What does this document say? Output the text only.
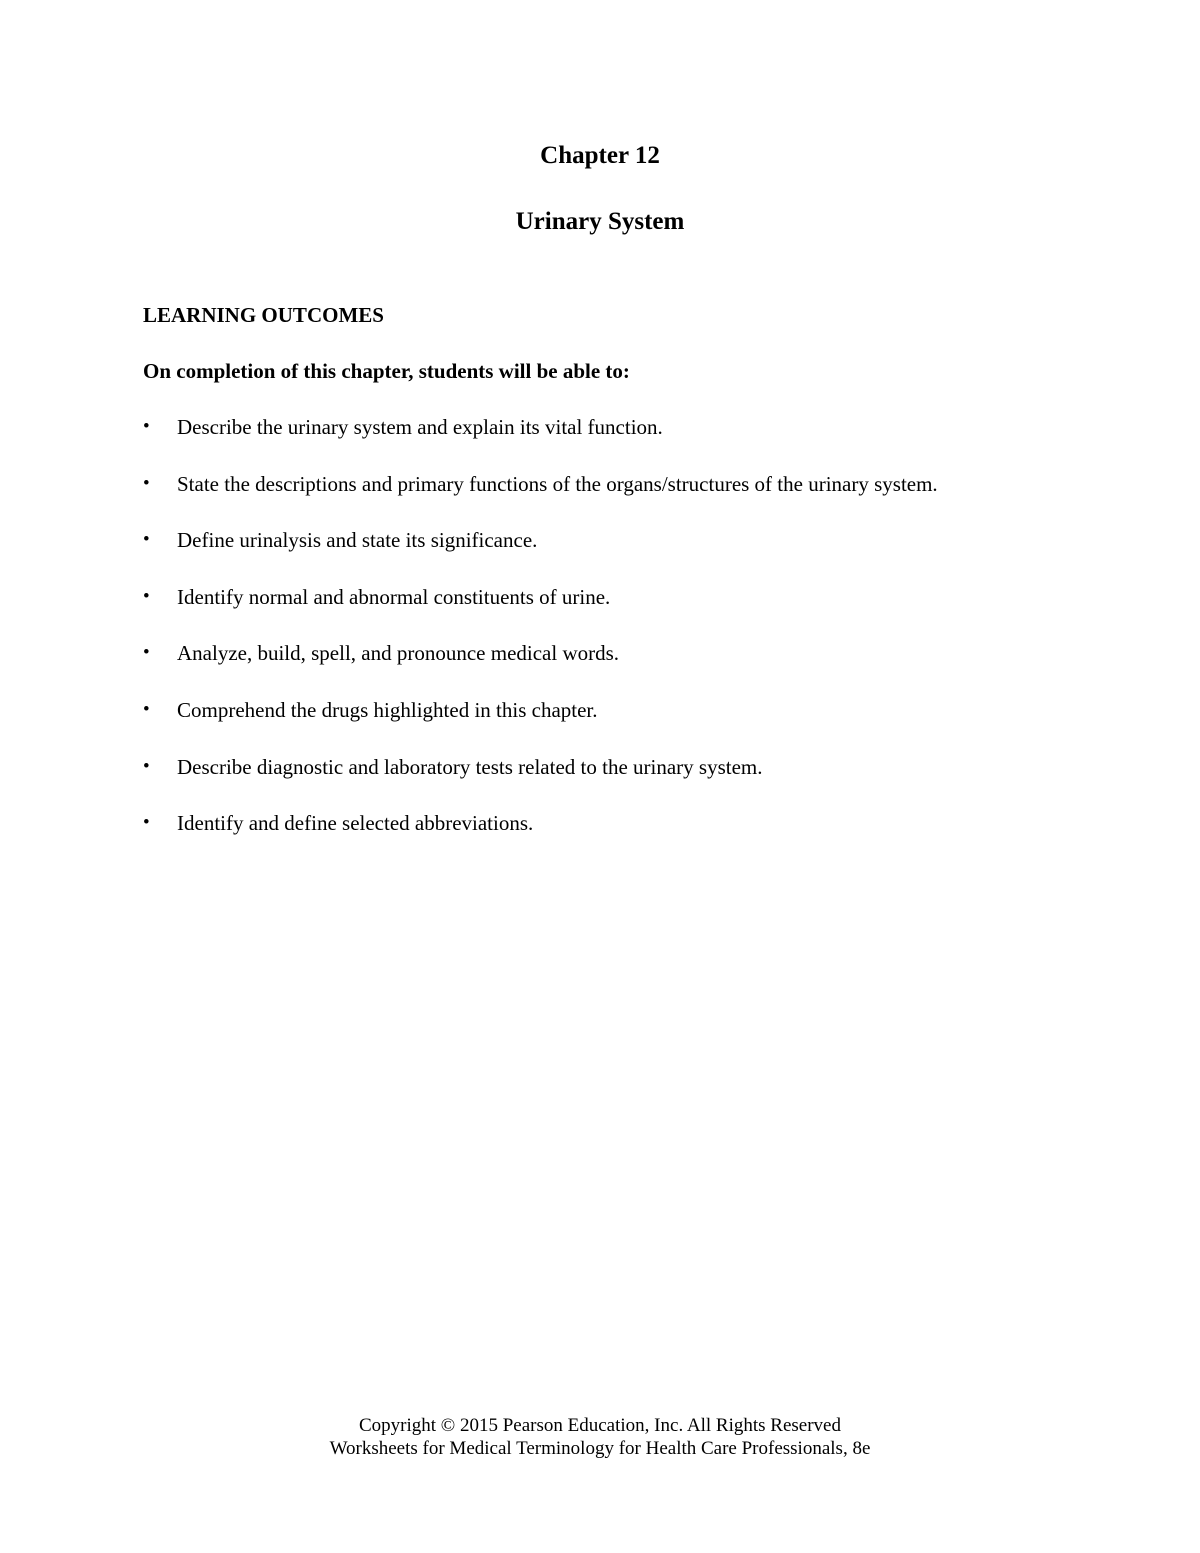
Chapter 12
Urinary System
LEARNING OUTCOMES
On completion of this chapter, students will be able to:
•	Describe the urinary system and explain its vital function.
•	State the descriptions and primary functions of the organs/structures of the urinary system.
•	Define urinalysis and state its significance.
•	Identify normal and abnormal constituents of urine.
•	Analyze, build, spell, and pronounce medical words.
•	Comprehend the drugs highlighted in this chapter.
•	Describe diagnostic and laboratory tests related to the urinary system.
•	Identify and define selected abbreviations.
Copyright © 2015 Pearson Education, Inc. All Rights Reserved
Worksheets for Medical Terminology for Health Care Professionals, 8e
